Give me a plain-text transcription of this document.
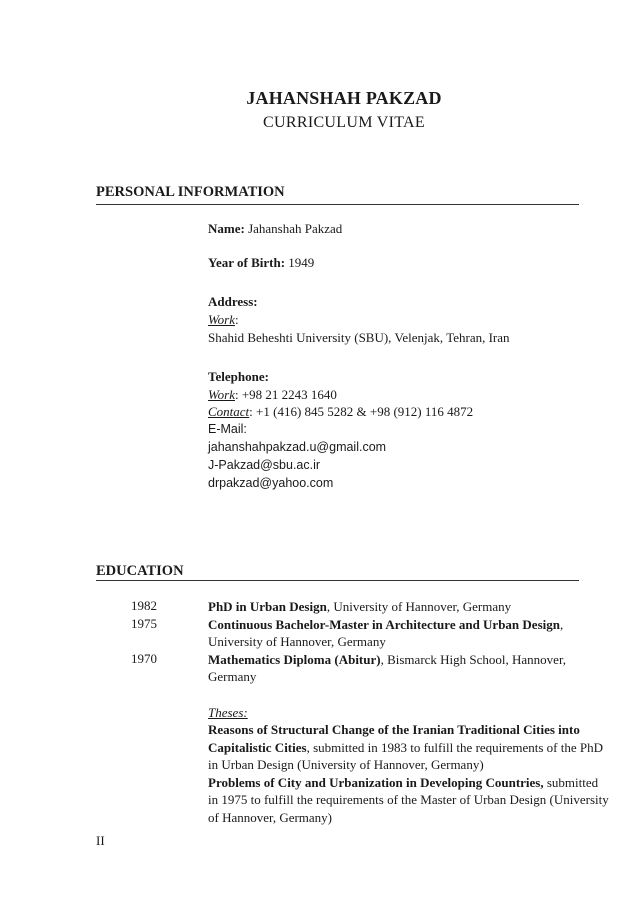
JAHANSHAH PAKZAD
CURRICULUM VITAE
PERSONAL INFORMATION
Name: Jahanshah Pakzad
Year of Birth: 1949
Address:
Work:
Shahid Beheshti University (SBU), Velenjak, Tehran, Iran
Telephone:
Work: +98 21 2243 1640
Contact: +1 (416) 845 5282 & +98 (912) 116 4872
E-Mail:
jahanshahpakzad.u@gmail.com
J-Pakzad@sbu.ac.ir
drpakzad@yahoo.com
EDUCATION
1982	PhD in Urban Design, University of Hannover, Germany
1975	Continuous Bachelor-Master in Architecture and Urban Design,
University of Hannover, Germany
1970	Mathematics Diploma (Abitur), Bismarck High School, Hannover,
Germany
Theses:
Reasons of Structural Change of the Iranian Traditional Cities into
Capitalistic Cities, submitted in 1983 to fulfill the requirements of the PhD
in Urban Design (University of Hannover, Germany)
Problems of City and Urbanization in Developing Countries, submitted
in 1975 to fulfill the requirements of the Master of Urban Design (University
of Hannover, Germany)
II
